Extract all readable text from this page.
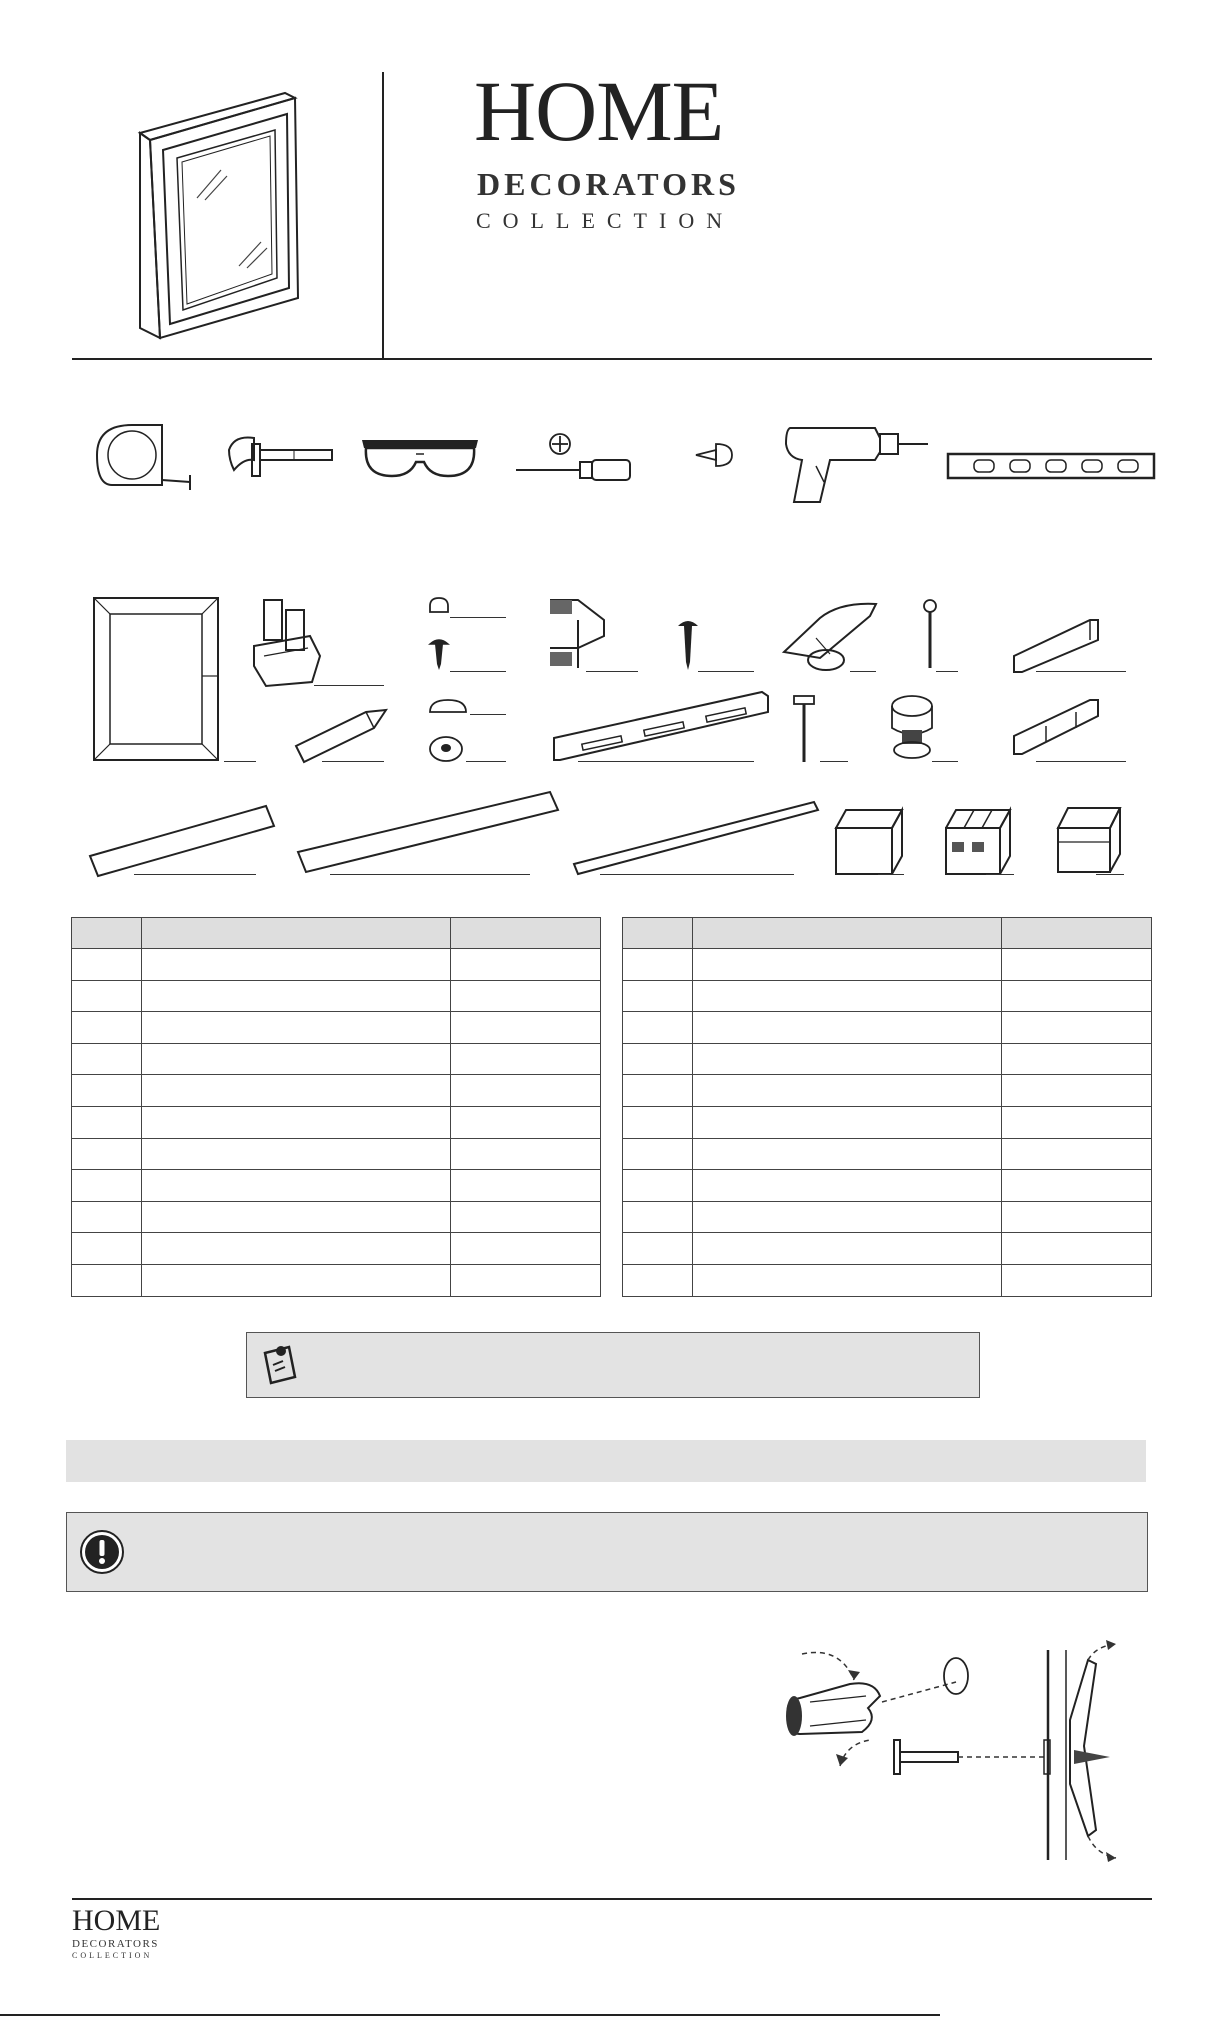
HOME
DECORATORS
COLLECTION

HOME
DECORATORS
COLLECTION
